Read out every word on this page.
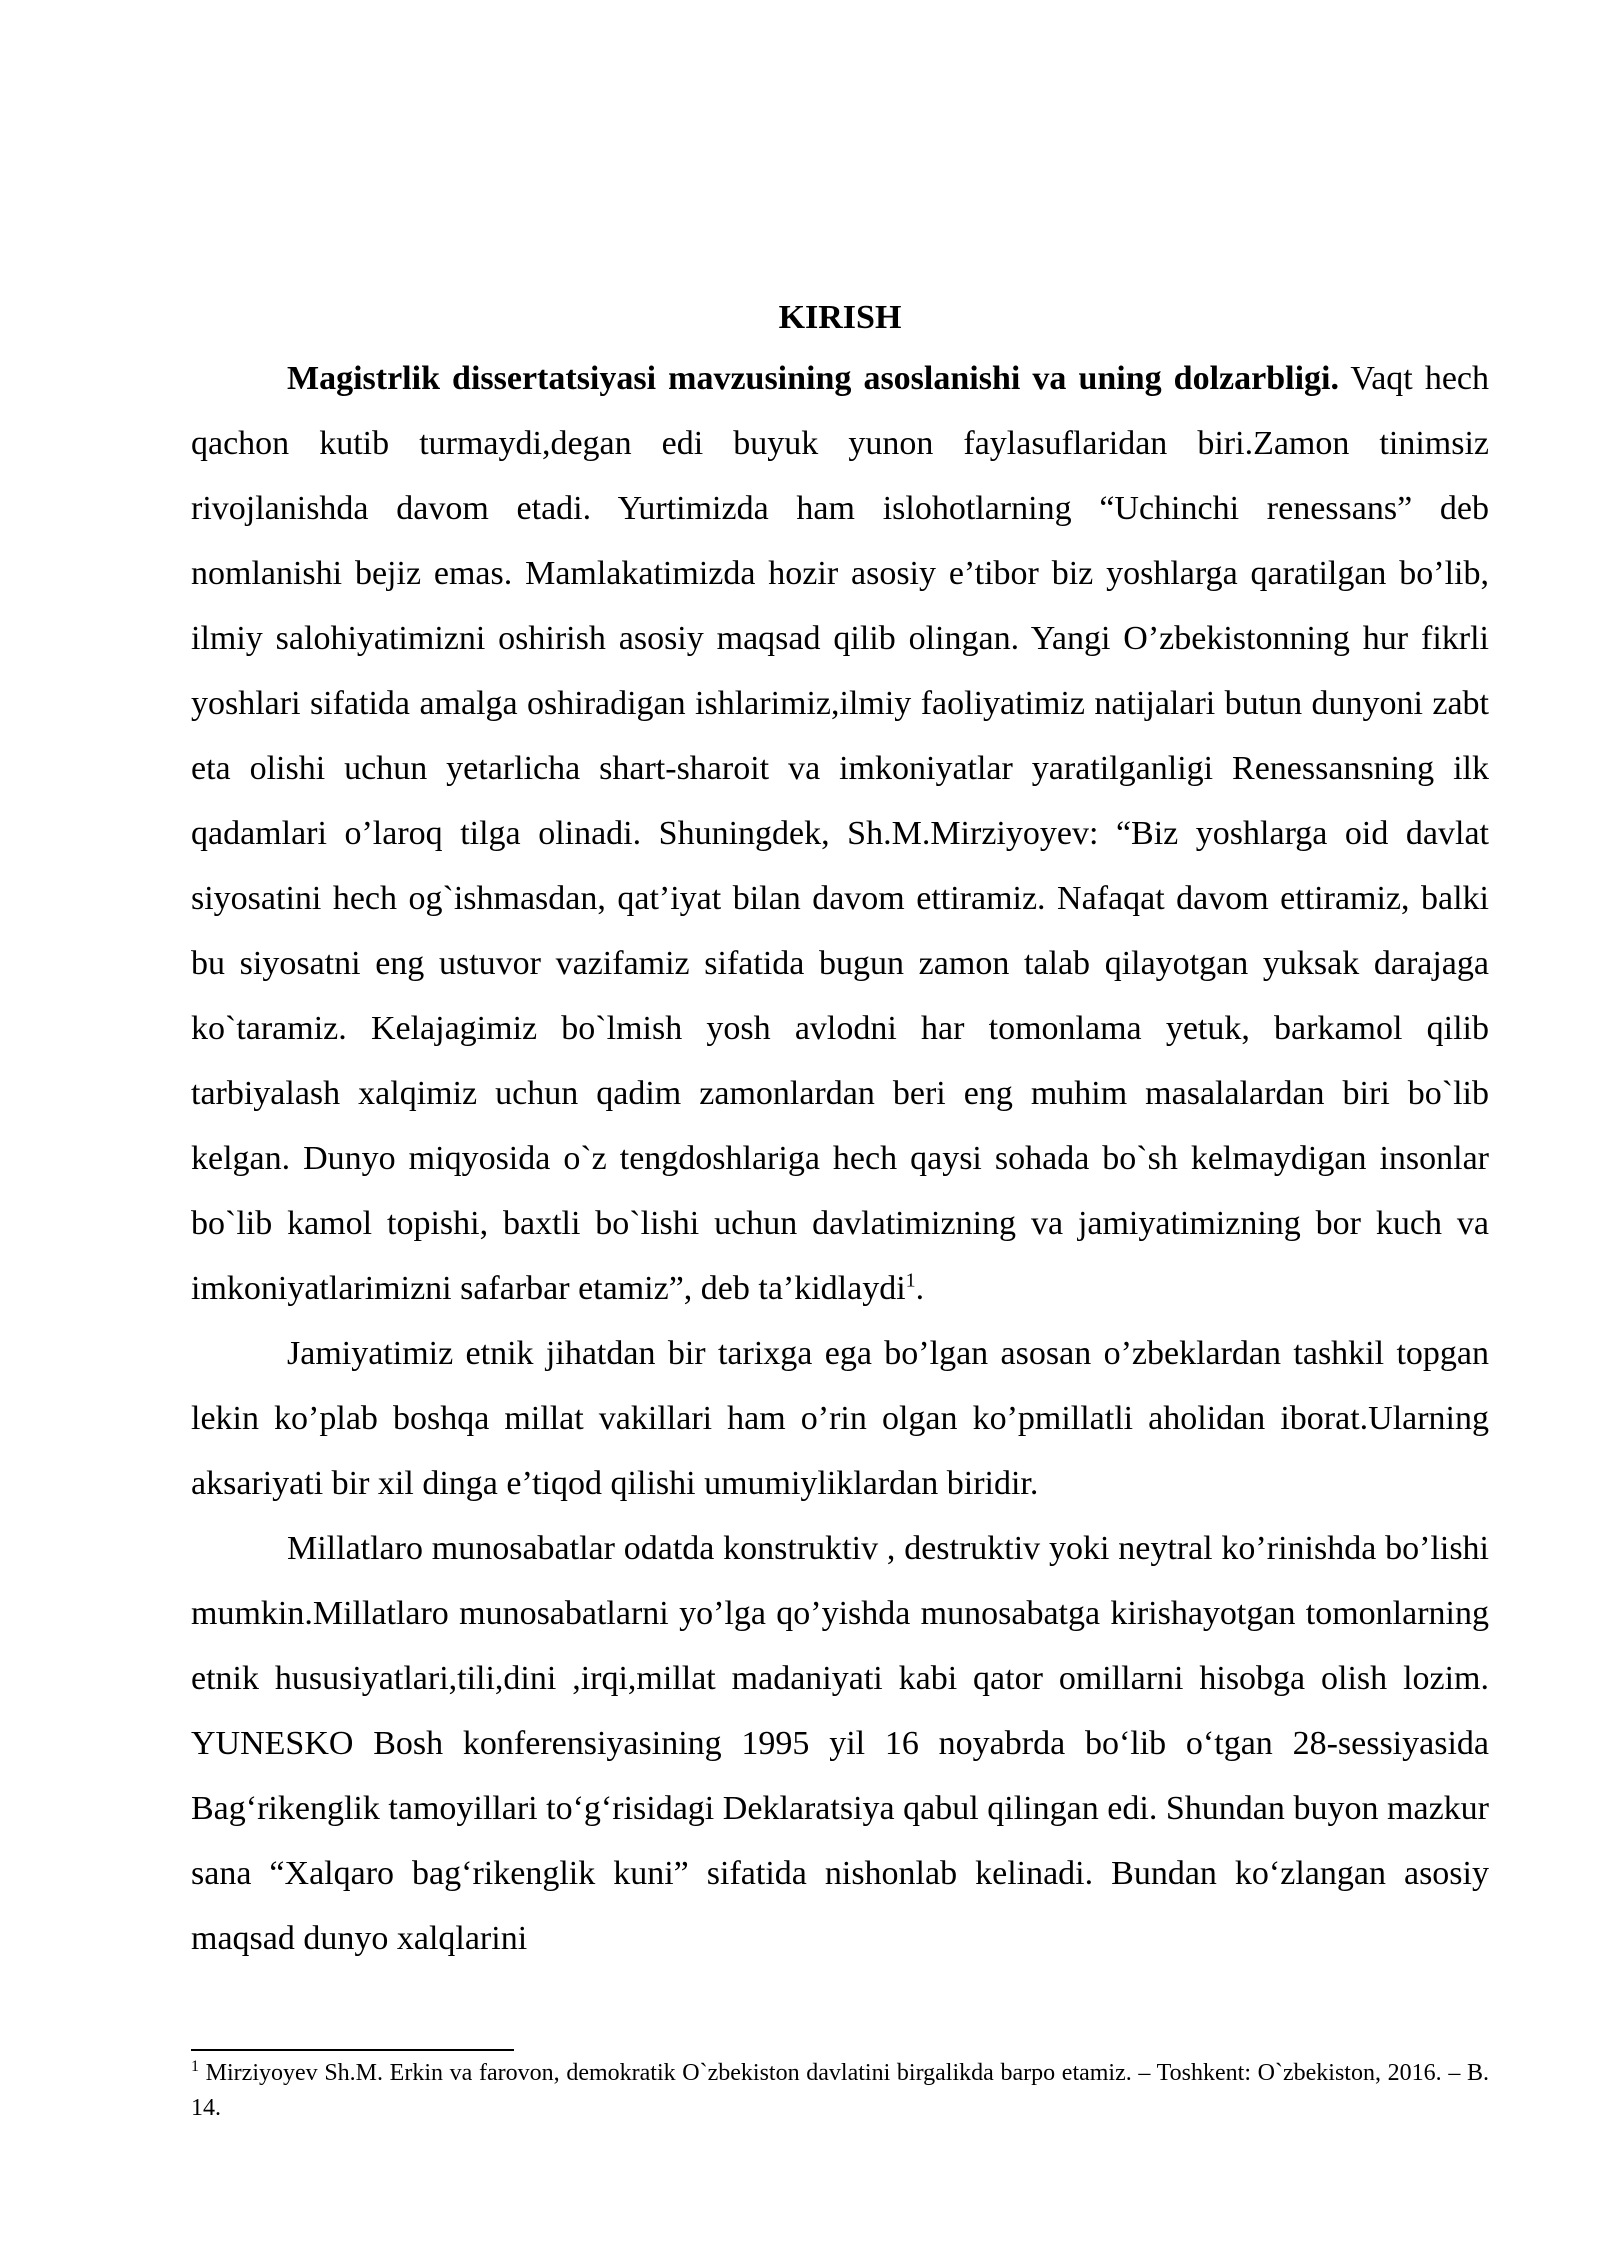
KIRISH

Magistrlik dissertatsiyasi mavzusining asoslanishi va uning dolzarbligi. Vaqt hech qachon kutib turmaydi,degan edi buyuk yunon faylasuflaridan biri.Zamon tinimsiz rivojlanishda davom etadi. Yurtimizda ham islohotlarning “Uchinchi renessans” deb nomlanishi bejiz emas. Mamlakatimizda hozir asosiy e’tibor biz yoshlarga qaratilgan bo’lib, ilmiy salohiyatimizni oshirish asosiy maqsad qilib olingan. Yangi O’zbekistonning hur fikrli yoshlari sifatida amalga oshiradigan ishlarimiz,ilmiy faoliyatimiz natijalari butun dunyoni zabt eta olishi uchun yetarlicha shart-sharoit va imkoniyatlar yaratilganligi Renessansning ilk qadamlari o’laroq tilga olinadi. Shuningdek, Sh.M.Mirziyoyev: “Biz yoshlarga oid davlat siyosatini hech og`ishmasdan, qat’iyat bilan davom ettiramiz. Nafaqat davom ettiramiz, balki bu siyosatni eng ustuvor vazifamiz sifatida bugun zamon talab qilayotgan yuksak darajaga ko`taramiz. Kelajagimiz bo`lmish yosh avlodni har tomonlama yetuk, barkamol qilib tarbiyalash xalqimiz uchun qadim zamonlardan beri eng muhim masalalardan biri bo`lib kelgan. Dunyo miqyosida o`z tengdoshlariga hech qaysi sohada bo`sh kelmaydigan insonlar bo`lib kamol topishi, baxtli bo`lishi uchun davlatimizning va jamiyatimizning bor kuch va imkoniyatlarimizni safarbar etamiz”, deb ta’kidlaydi$^1$.

Jamiyatimiz etnik jihatdan bir tarixga ega bo’lgan asosan o’zbeklardan tashkil topgan lekin ko’plab boshqa millat vakillari ham o’rin olgan ko’pmillatli aholidan iborat.Ularning aksariyati bir xil dinga e’tiqod qilishi umumiyliklardan biridir.

Millatlaro munosabatlar odatda konstruktiv , destruktiv yoki neytral ko’rinishda bo’lishi mumkin.Millatlaro munosabatlarni yo’lga qo’yishda munosabatga kirishayotgan tomonlarning etnik hususiyatlari,tili,dini ,irqi,millat madaniyati kabi qator omillarni hisobga olish lozim. YUNESKO Bosh konferensiyasining 1995 yil 16 noyabrda bo‘lib o‘tgan 28-sessiyasida Bag‘rikenglik tamoyillari to‘g‘risidagi Deklaratsiya qabul qilingan edi. Shundan buyon mazkur sana “Xalqaro bag‘rikenglik kuni” sifatida nishonlab kelinadi. Bundan ko‘zlangan asosiy maqsad dunyo xalqlarini

$^1$ Mirziyoyev Sh.M. Erkin va farovon, demokratik O`zbekiston davlatini birgalikda barpo etamiz. – Toshkent: O`zbekiston, 2016. – B. 14.
